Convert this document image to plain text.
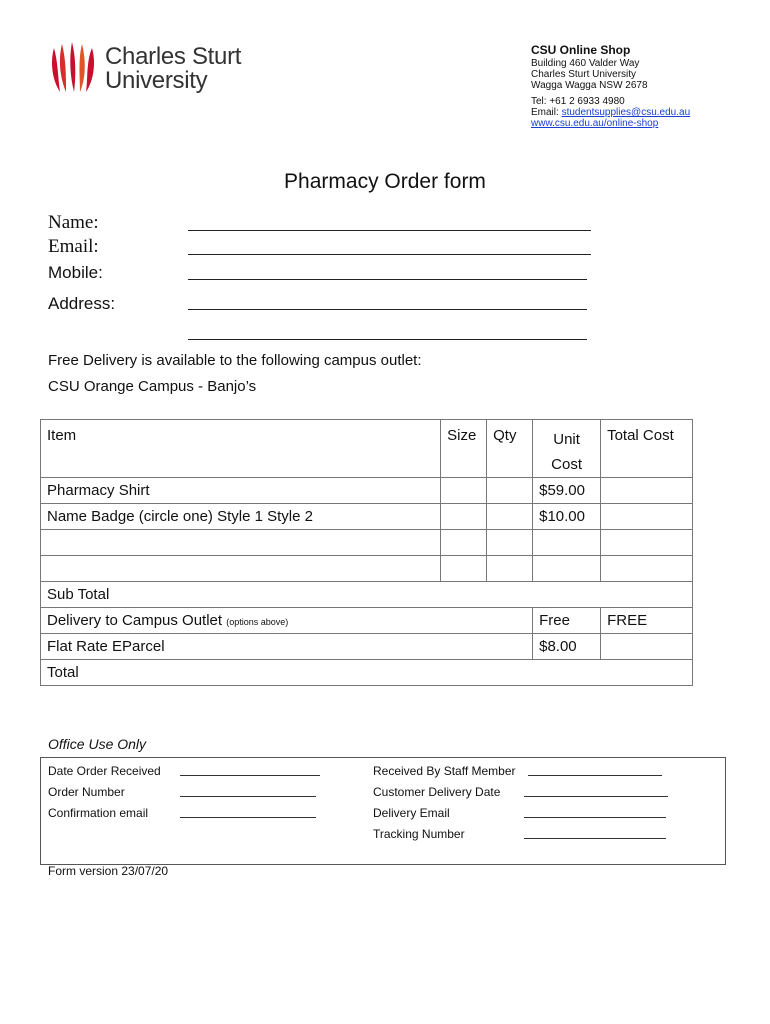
Charles Sturt
University
CSU Online Shop
Building 460 Valder Way
Charles Sturt University
Wagga Wagga NSW 2678
Tel: +61 2 6933 4980
Email: studentsupplies@csu.edu.au
www.csu.edu.au/online-shop
Pharmacy Order form
Name:
Email:
Mobile:
Address:
Free Delivery is available to the following campus outlet:
CSU Orange Campus - Banjo’s
Item	Size	Qty	Unit Cost	Total Cost
Pharmacy Shirt			$59.00	
Name Badge (circle one) Style 1 Style 2			$10.00	

Sub Total				
Delivery to Campus Outlet (options above)			Free	FREE
Flat Rate EParcel			$8.00	
Total				
Office Use Only
Date Order Received
Order Number
Confirmation email
Received By Staff Member
Customer Delivery Date
Delivery Email
Tracking Number
Form version 23/07/20
